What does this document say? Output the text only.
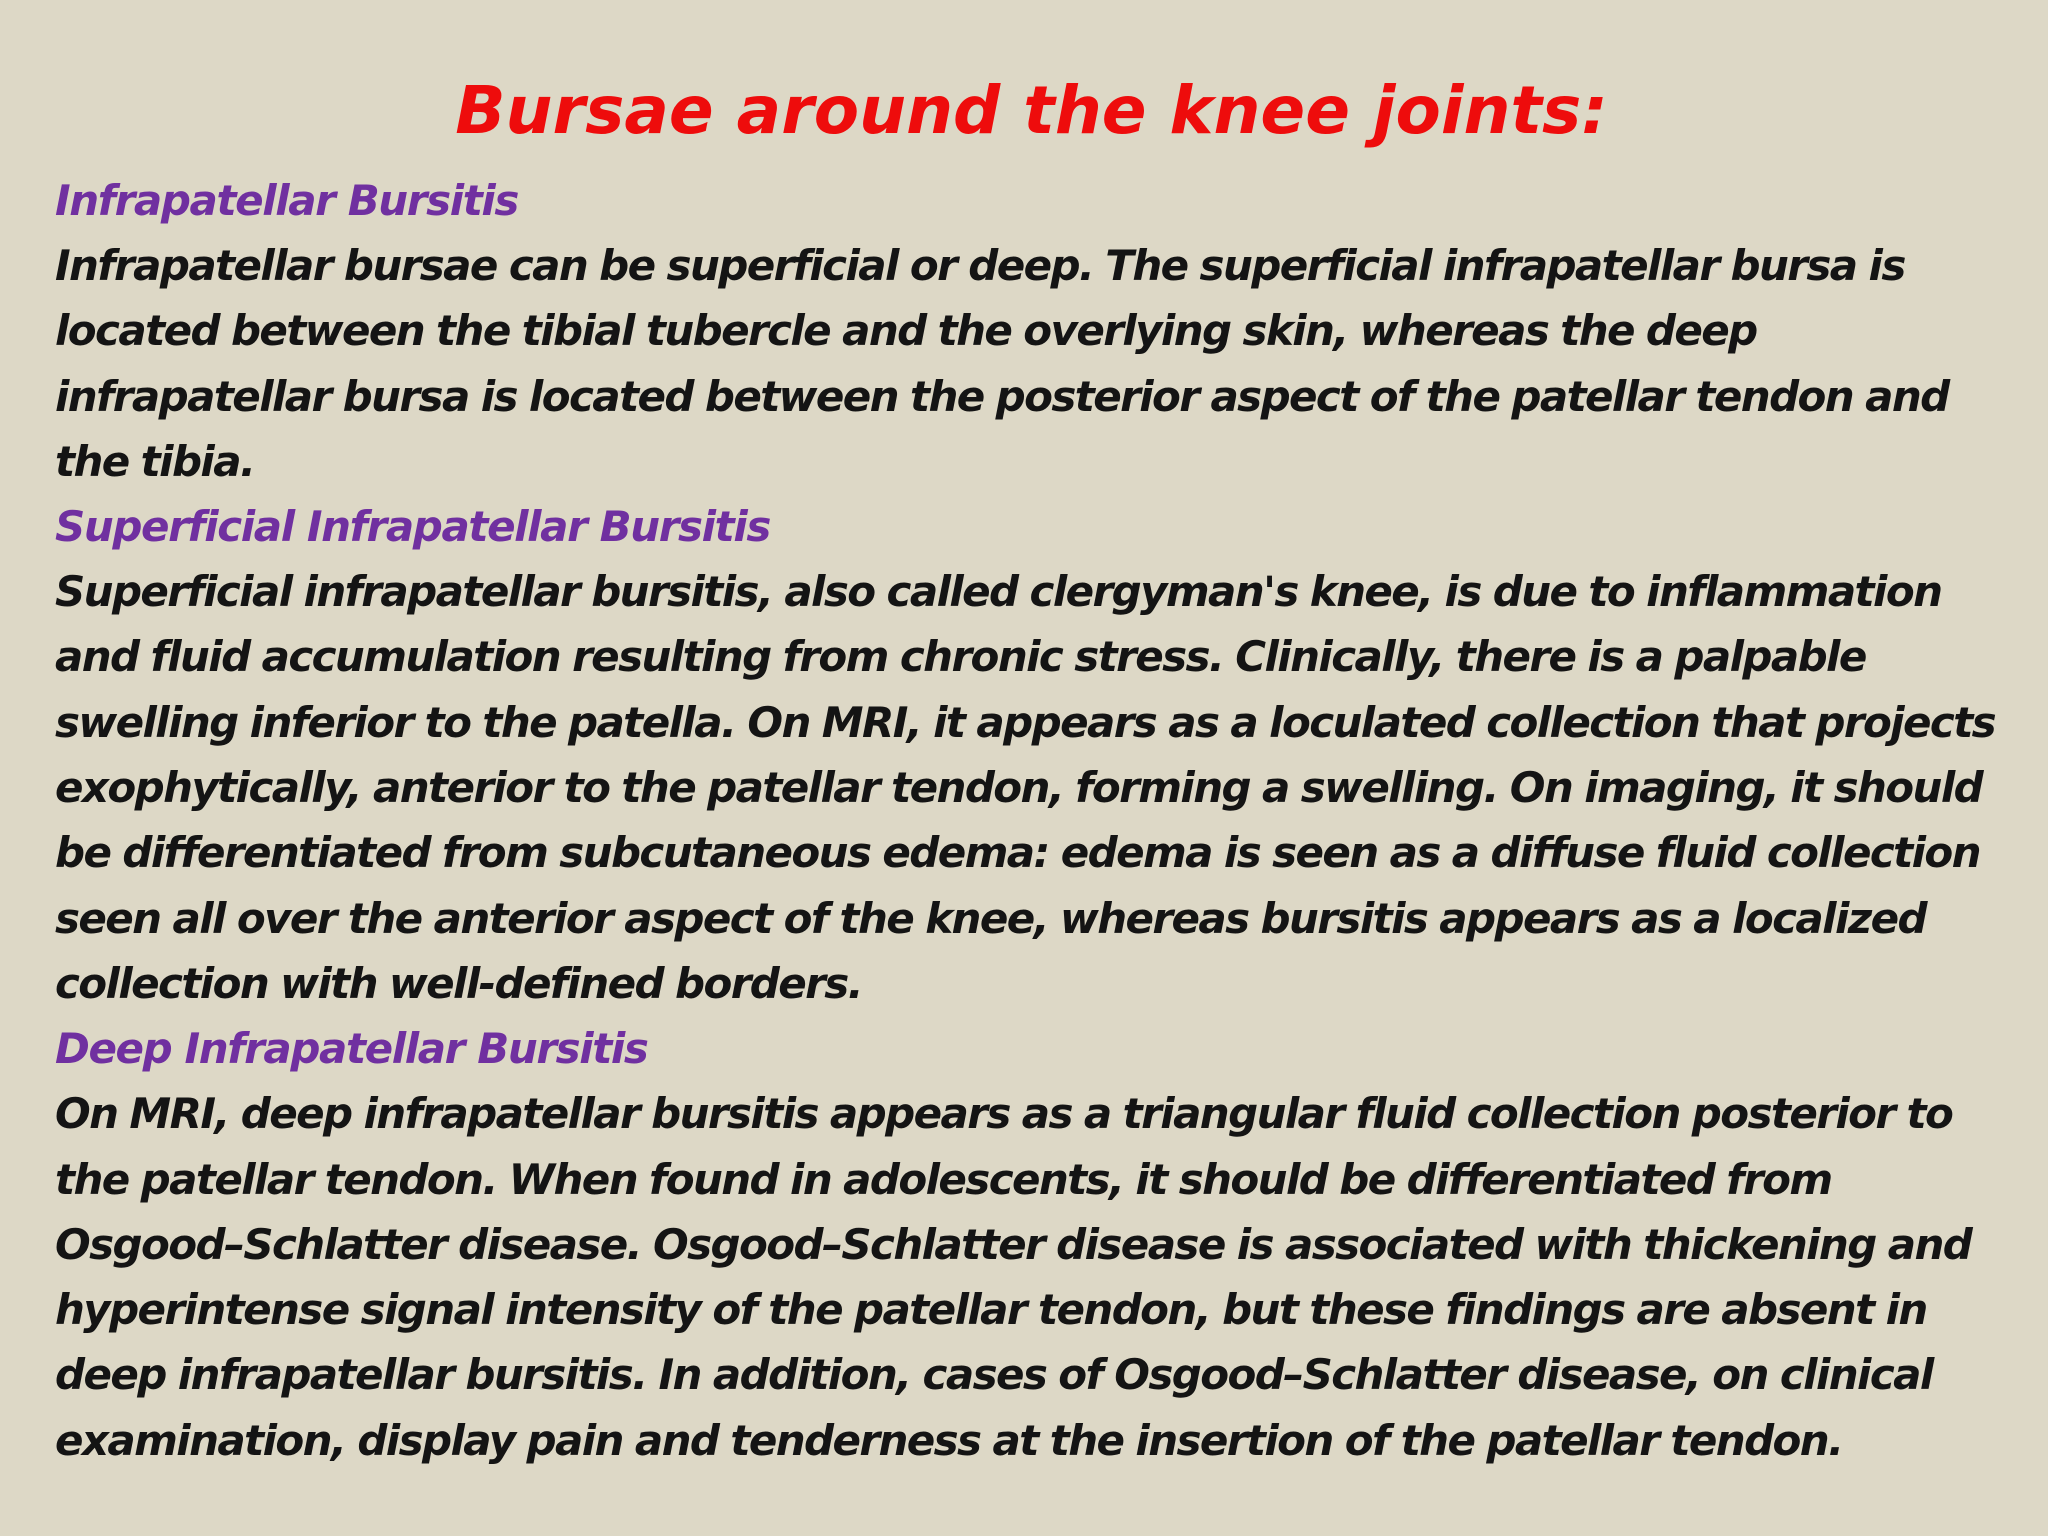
Bursae around the knee joints:
Infrapatellar Bursitis

Infrapatellar bursae can be superficial or deep. The superficial infrapatellar bursa is located between the tibial tubercle and the overlying skin, whereas the deep infrapatellar bursa is located between the posterior aspect of the patellar tendon and the tibia.

Superficial Infrapatellar Bursitis

Superficial infrapatellar bursitis, also called clergyman's knee, is due to inflammation and fluid accumulation resulting from chronic stress. Clinically, there is a palpable swelling inferior to the patella. On MRI, it appears as a loculated collection that projects exophytically, anterior to the patellar tendon, forming a swelling. On imaging, it should be differentiated from subcutaneous edema: edema is seen as a diffuse fluid collection seen all over the anterior aspect of the knee, whereas bursitis appears as a localized collection with well-defined borders.

Deep Infrapatellar Bursitis

On MRI, deep infrapatellar bursitis appears as a triangular fluid collection posterior to the patellar tendon. When found in adolescents, it should be differentiated from Osgood–Schlatter disease. Osgood–Schlatter disease is associated with thickening and hyperintense signal intensity of the patellar tendon, but these findings are absent in deep infrapatellar bursitis. In addition, cases of Osgood–Schlatter disease, on clinical examination, display pain and tenderness at the insertion of the patellar tendon.
